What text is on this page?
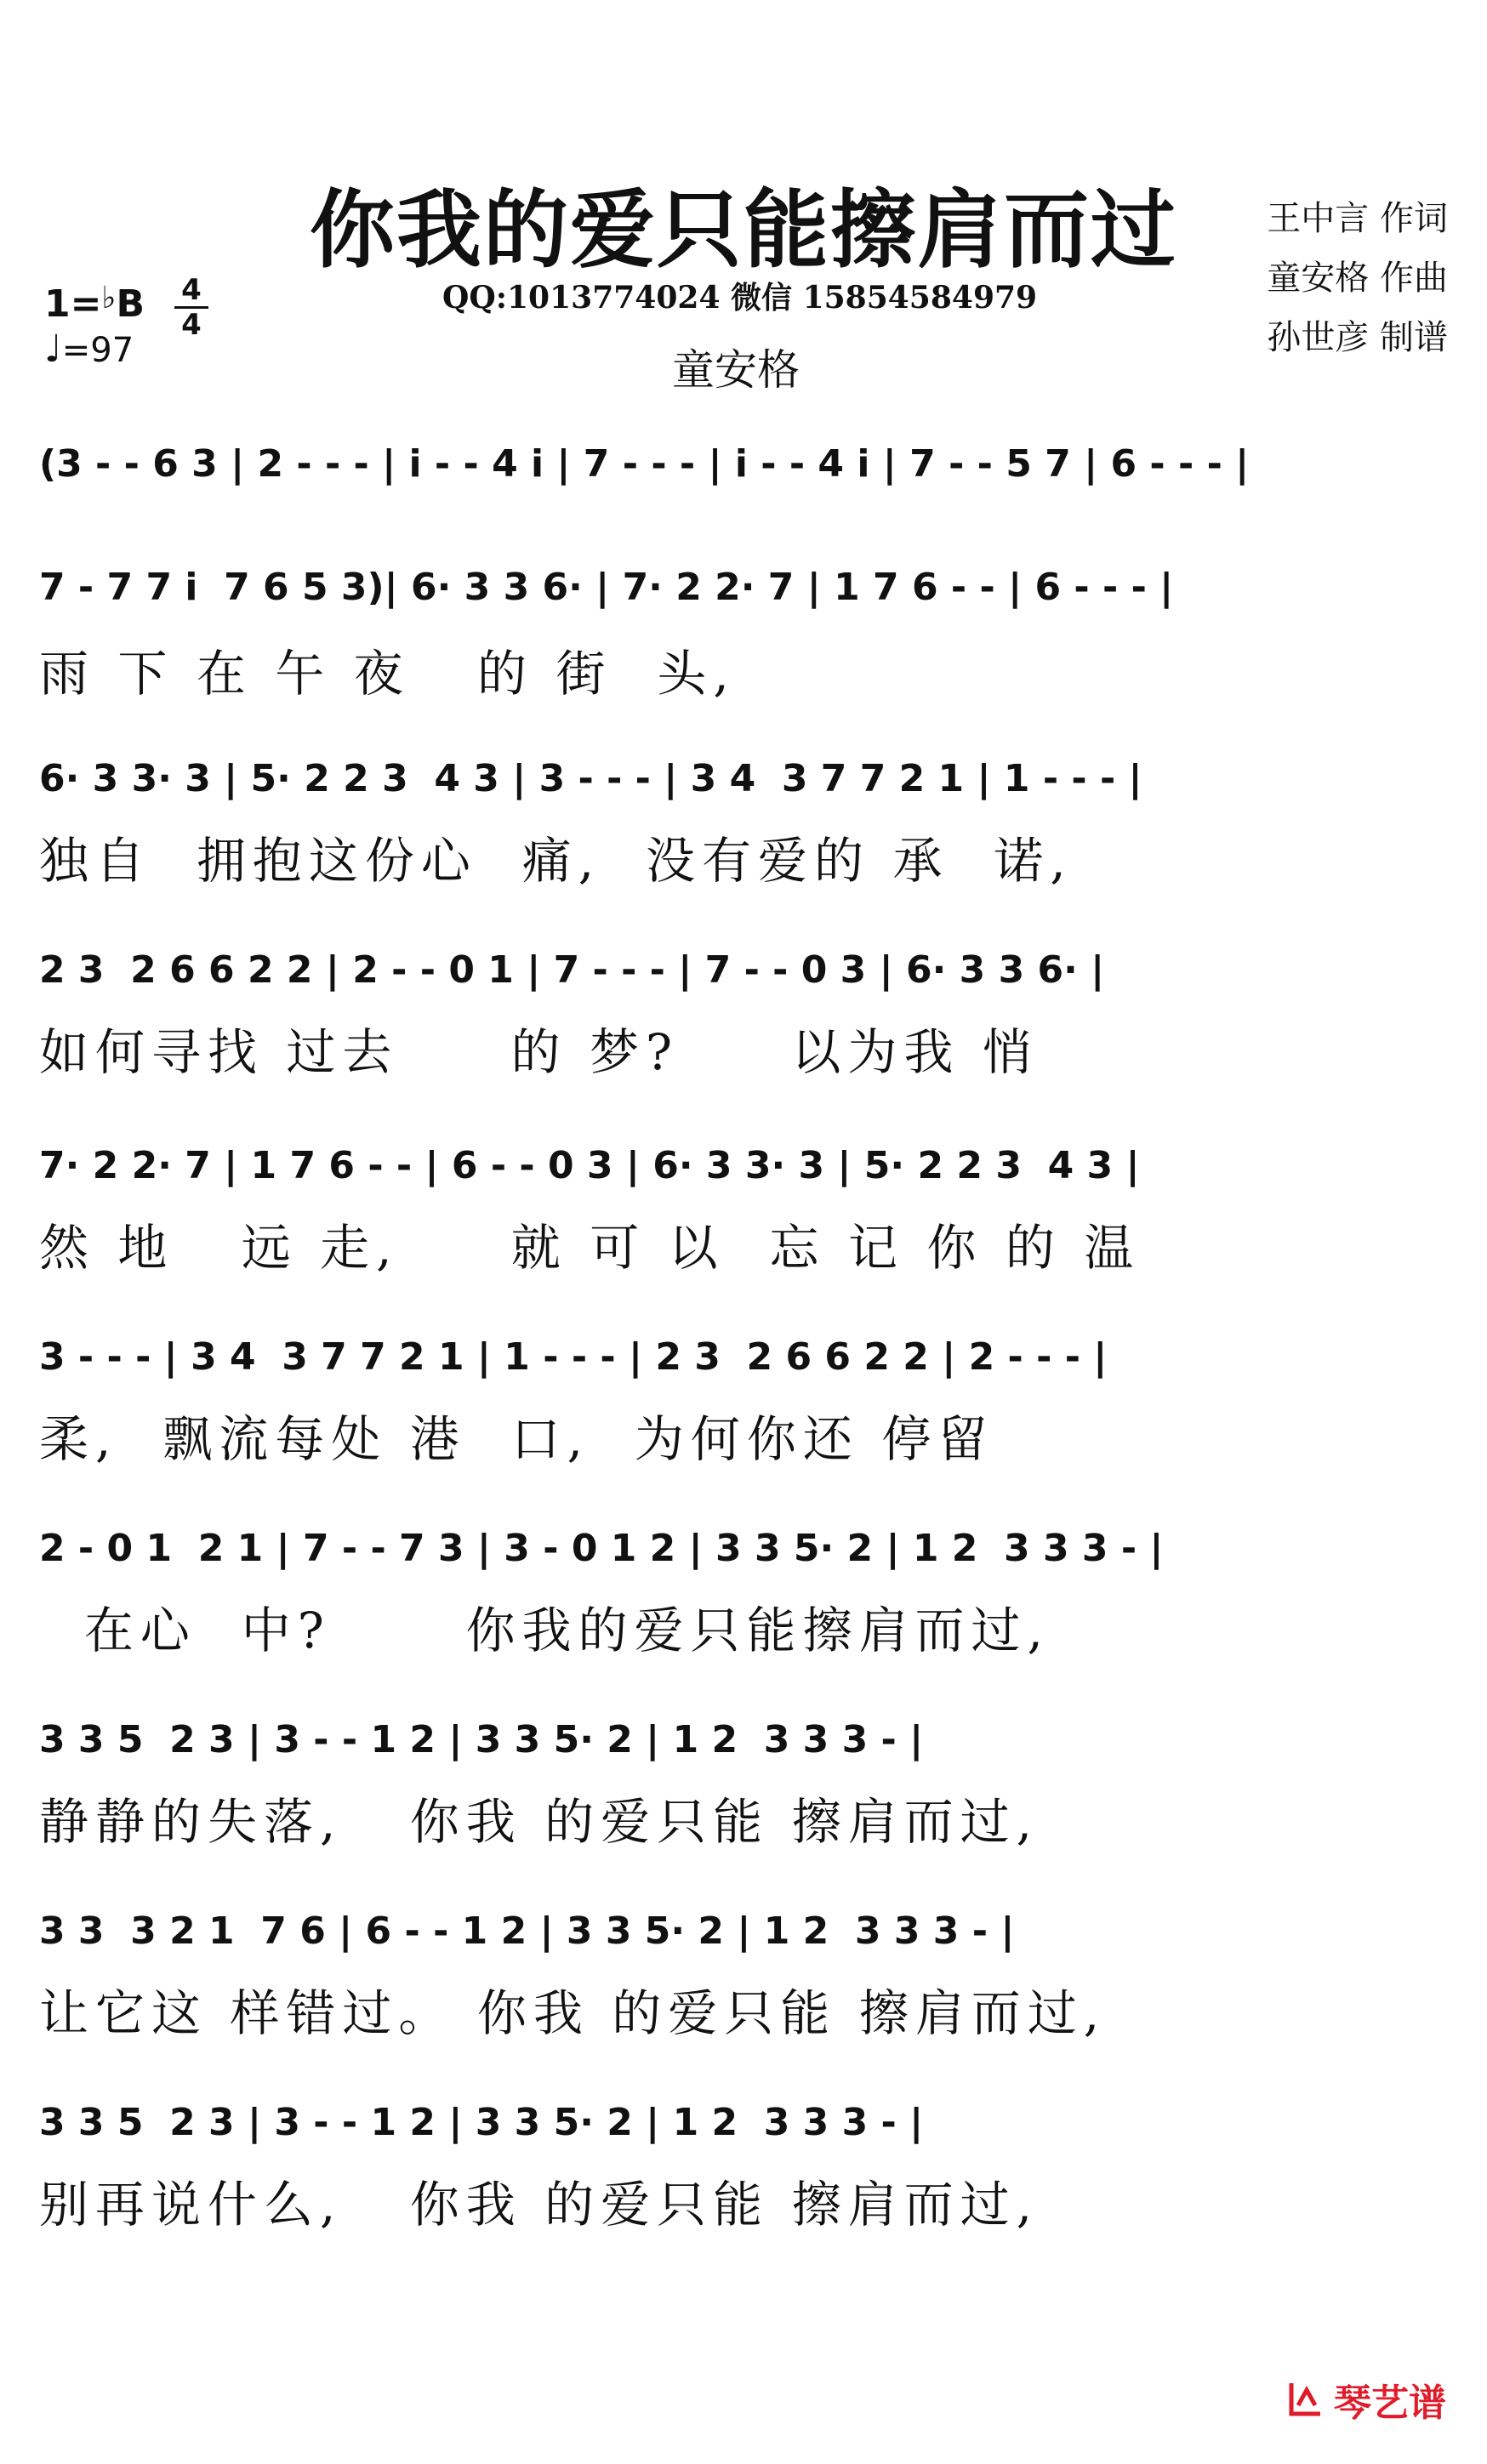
你我的爱只能擦肩而过
QQ:1013774024 微信 15854584979
童安格
王中言 作词
童安格 作曲
孙世彦 制谱
1=♭B 4
4
♩=97
(3 - - 6 3 | 2 - - - | i - - 4 i | 7 - - - | i - - 4 i | 7 - - 5 7 | 6 - - - |
7 - 7 7 i  7 6 5 3)| 6· 3 3 6· | 7· 2 2· 7 | 1 7 6 - - | 6 - - - |
雨 下 在 午 夜   的 街  头,
6· 3 3· 3 | 5· 2 2 3  4 3 | 3 - - - | 3 4  3 7 7 2 1 | 1 - - - |
独自  拥抱这份心  痛,  没有爱的 承  诺,
2 3  2 6 6 2 2 | 2 - - 0 1 | 7 - - - | 7 - - 0 3 | 6· 3 3 6· |
如何寻找 过去     的 梦?     以为我 悄
7· 2 2· 7 | 1 7 6 - - | 6 - - 0 3 | 6· 3 3· 3 | 5· 2 2 3  4 3 |
然 地   远 走,     就 可 以  忘 记 你 的 温
3 - - - | 3 4  3 7 7 2 1 | 1 - - - | 2 3  2 6 6 2 2 | 2 - - - |
柔,  飘流每处 港  口,  为何你还 停留
2 - 0 1  2 1 | 7 - - 7 3 | 3 - 0 1 2 | 3 3 5· 2 | 1 2  3 3 3 - |
在心  中?      你我的爱只能擦肩而过,
3 3 5  2 3 | 3 - - 1 2 | 3 3 5· 2 | 1 2  3 3 3 - |
静静的失落,   你我 的爱只能 擦肩而过,
3 3  3 2 1  7 6 | 6 - - 1 2 | 3 3 5· 2 | 1 2  3 3 3 - |
让它这 样错过。 你我 的爱只能 擦肩而过,
3 3 5  2 3 | 3 - - 1 2 | 3 3 5· 2 | 1 2  3 3 3 - |
别再说什么,   你我 的爱只能 擦肩而过,
琴艺谱
